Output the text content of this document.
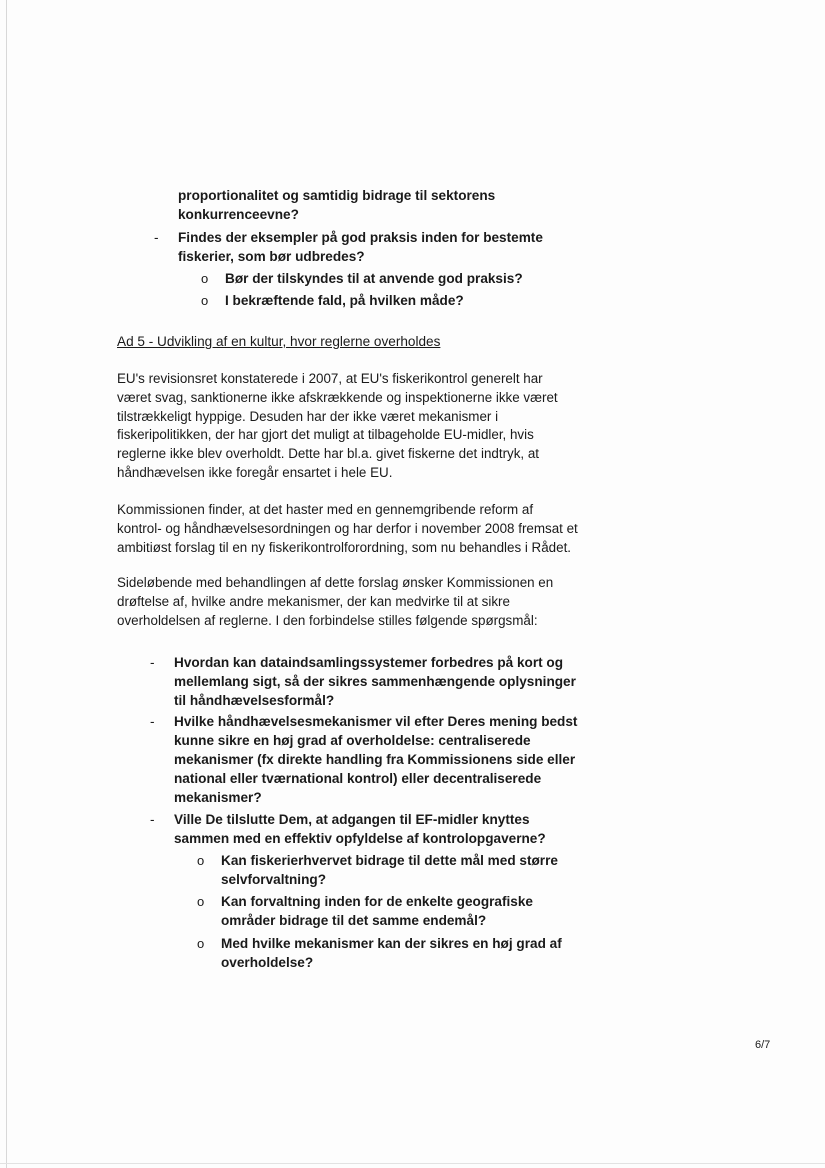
proportionalitet og samtidig bidrage til sektorens
konkurrenceevne?
- Findes der eksempler på god praksis inden for bestemte
fiskerier, som bør udbredes?
o Bør der tilskyndes til at anvende god praksis?
o I bekræftende fald, på hvilken måde?
Ad 5 - Udvikling af en kultur, hvor reglerne overholdes
EU's revisionsret konstaterede i 2007, at EU's fiskerikontrol generelt har
været svag, sanktionerne ikke afskrækkende og inspektionerne ikke været
tilstrækkeligt hyppige. Desuden har der ikke været mekanismer i
fiskeripolitikken, der har gjort det muligt at tilbageholde EU-midler, hvis
reglerne ikke blev overholdt. Dette har bl.a. givet fiskerne det indtryk, at
håndhævelsen ikke foregår ensartet i hele EU.
Kommissionen finder, at det haster med en gennemgribende reform af
kontrol- og håndhævelsesordningen og har derfor i november 2008 fremsat et
ambitiøst forslag til en ny fiskerikontrolforordning, som nu behandles i Rådet.
Sideløbende med behandlingen af dette forslag ønsker Kommissionen en
drøftelse af, hvilke andre mekanismer, der kan medvirke til at sikre
overholdelsen af reglerne. I den forbindelse stilles følgende spørgsmål:
- Hvordan kan dataindsamlingssystemer forbedres på kort og
mellemlang sigt, så der sikres sammenhængende oplysninger
til håndhævelsesformål?
- Hvilke håndhævelsesmekanismer vil efter Deres mening bedst
kunne sikre en høj grad af overholdelse: centraliserede
mekanismer (fx direkte handling fra Kommissionens side eller
national eller tværnational kontrol) eller decentraliserede
mekanismer?
- Ville De tilslutte Dem, at adgangen til EF-midler knyttes
sammen med en effektiv opfyldelse af kontrolopgaverne?
o Kan fiskerierhvervet bidrage til dette mål med større
selvforvaltning?
o Kan forvaltning inden for de enkelte geografiske
områder bidrage til det samme endemål?
o Med hvilke mekanismer kan der sikres en høj grad af
overholdelse?
6/7
